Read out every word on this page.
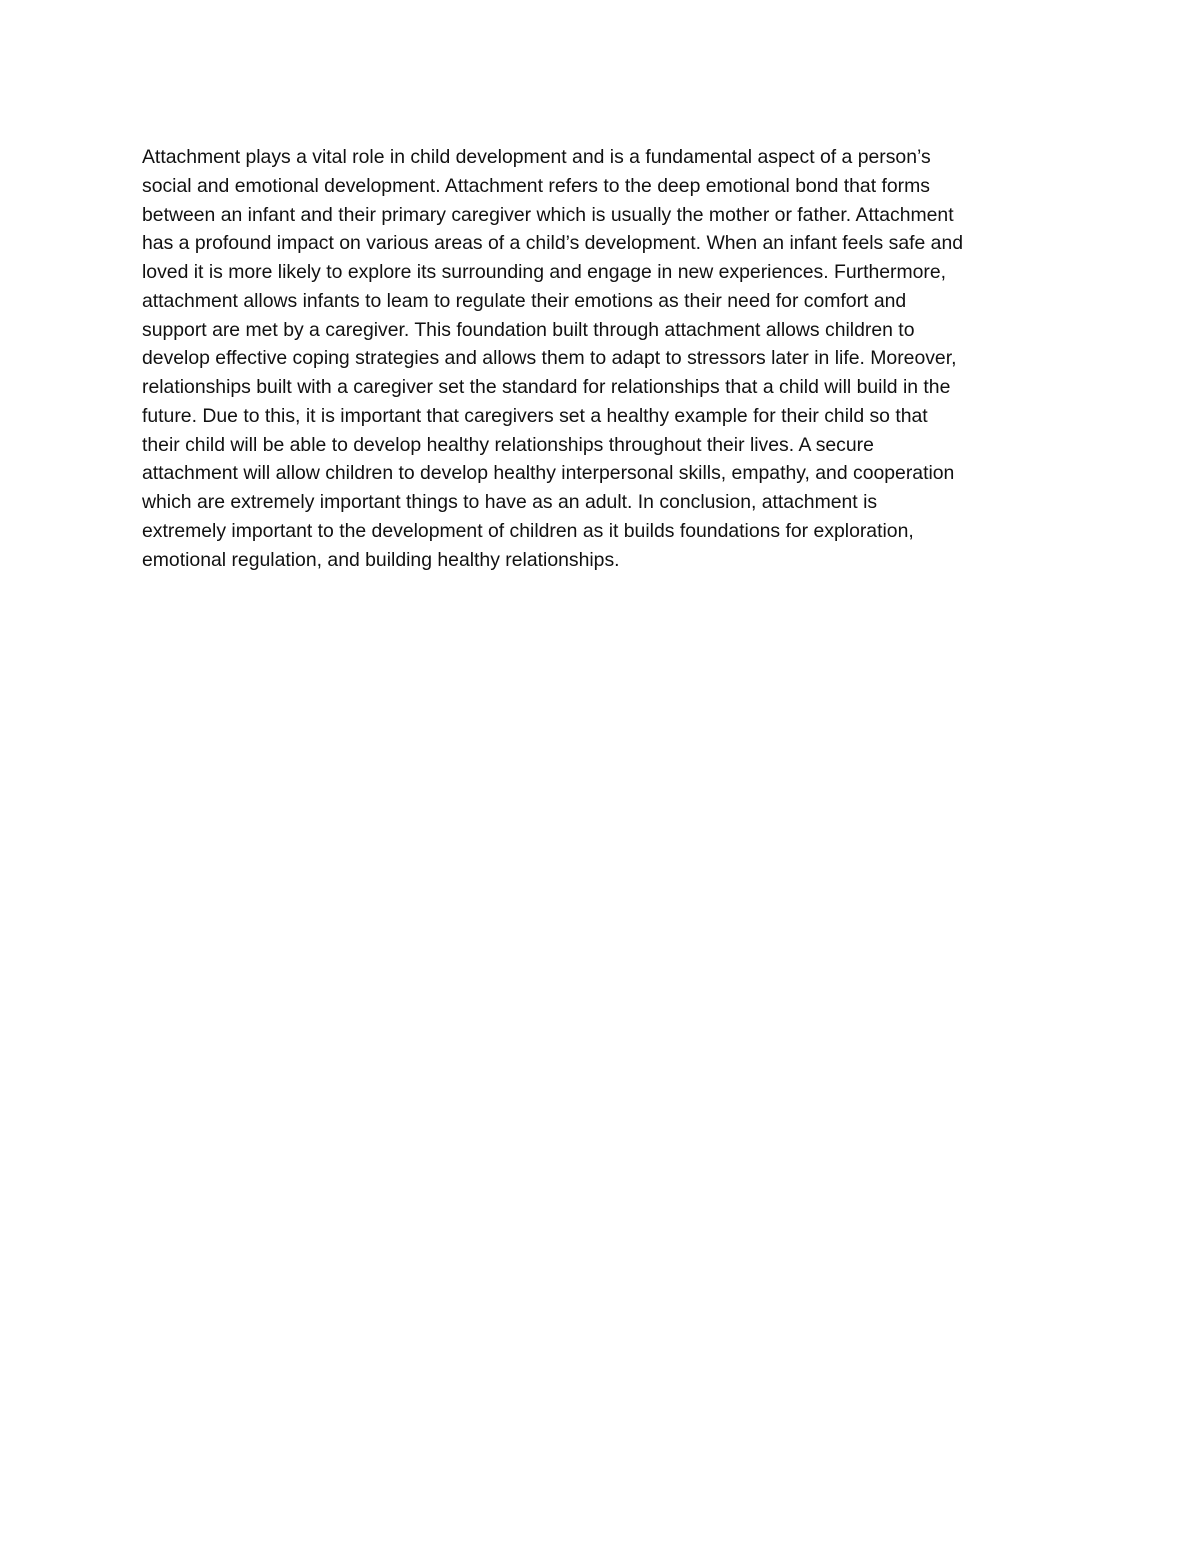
Attachment plays a vital role in child development and is a fundamental aspect of a person’s
social and emotional development. Attachment refers to the deep emotional bond that forms
between an infant and their primary caregiver which is usually the mother or father. Attachment
has a profound impact on various areas of a child’s development. When an infant feels safe and
loved it is more likely to explore its surrounding and engage in new experiences. Furthermore,
attachment allows infants to leam to regulate their emotions as their need for comfort and
support are met by a caregiver. This foundation built through attachment allows children to
develop effective coping strategies and allows them to adapt to stressors later in life. Moreover,
relationships built with a caregiver set the standard for relationships that a child will build in the
future. Due to this, it is important that caregivers set a healthy example for their child so that
their child will be able to develop healthy relationships throughout their lives. A secure
attachment will allow children to develop healthy interpersonal skills, empathy, and cooperation
which are extremely important things to have as an adult. In conclusion, attachment is
extremely important to the development of children as it builds foundations for exploration,
emotional regulation, and building healthy relationships.
